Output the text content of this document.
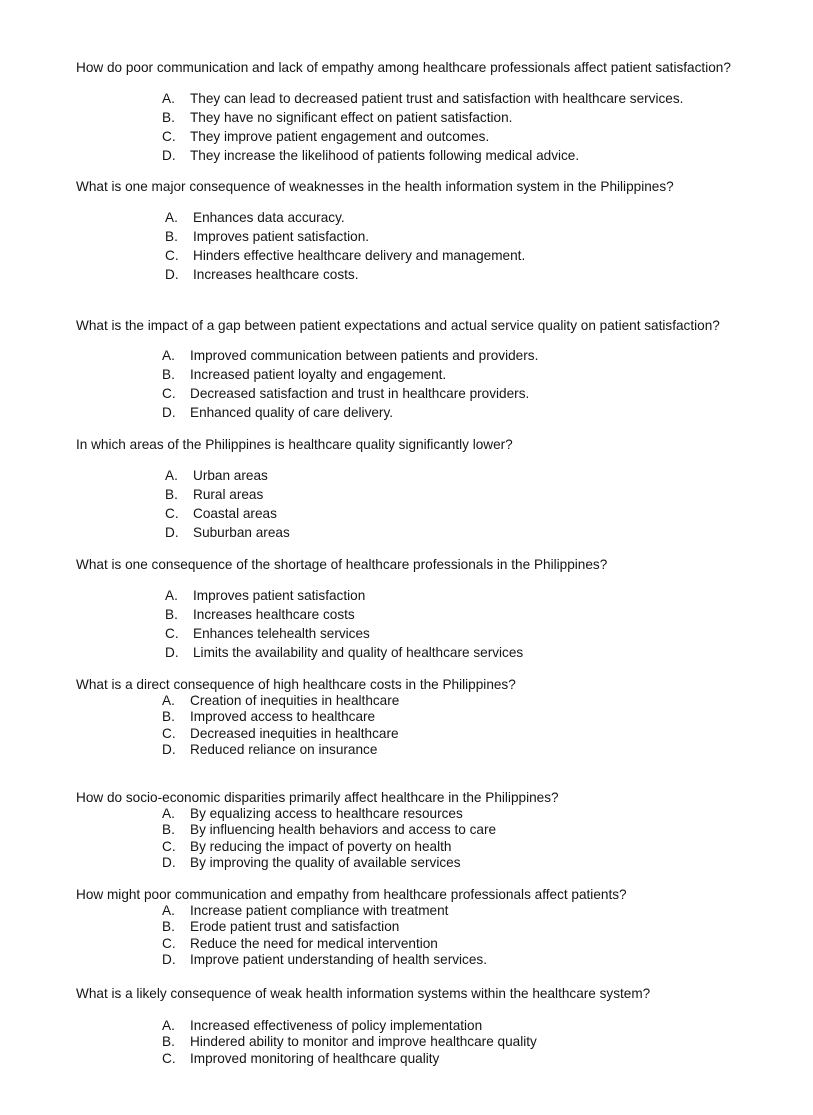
How do poor communication and lack of empathy among healthcare professionals affect patient satisfaction?
A. They can lead to decreased patient trust and satisfaction with healthcare services.
B. They have no significant effect on patient satisfaction.
C. They improve patient engagement and outcomes.
D. They increase the likelihood of patients following medical advice.
What is one major consequence of weaknesses in the health information system in the Philippines?
A. Enhances data accuracy.
B. Improves patient satisfaction.
C. Hinders effective healthcare delivery and management.
D. Increases healthcare costs.
What is the impact of a gap between patient expectations and actual service quality on patient satisfaction?
A. Improved communication between patients and providers.
B. Increased patient loyalty and engagement.
C. Decreased satisfaction and trust in healthcare providers.
D. Enhanced quality of care delivery.
In which areas of the Philippines is healthcare quality significantly lower?
A. Urban areas
B. Rural areas
C. Coastal areas
D. Suburban areas
What is one consequence of the shortage of healthcare professionals in the Philippines?
A. Improves patient satisfaction
B. Increases healthcare costs
C. Enhances telehealth services
D. Limits the availability and quality of healthcare services
What is a direct consequence of high healthcare costs in the Philippines?
A. Creation of inequities in healthcare
B. Improved access to healthcare
C. Decreased inequities in healthcare
D. Reduced reliance on insurance
How do socio-economic disparities primarily affect healthcare in the Philippines?
A. By equalizing access to healthcare resources
B. By influencing health behaviors and access to care
C. By reducing the impact of poverty on health
D. By improving the quality of available services
How might poor communication and empathy from healthcare professionals affect patients?
A. Increase patient compliance with treatment
B. Erode patient trust and satisfaction
C. Reduce the need for medical intervention
D. Improve patient understanding of health services.
What is a likely consequence of weak health information systems within the healthcare system?
A. Increased effectiveness of policy implementation
B. Hindered ability to monitor and improve healthcare quality
C. Improved monitoring of healthcare quality
